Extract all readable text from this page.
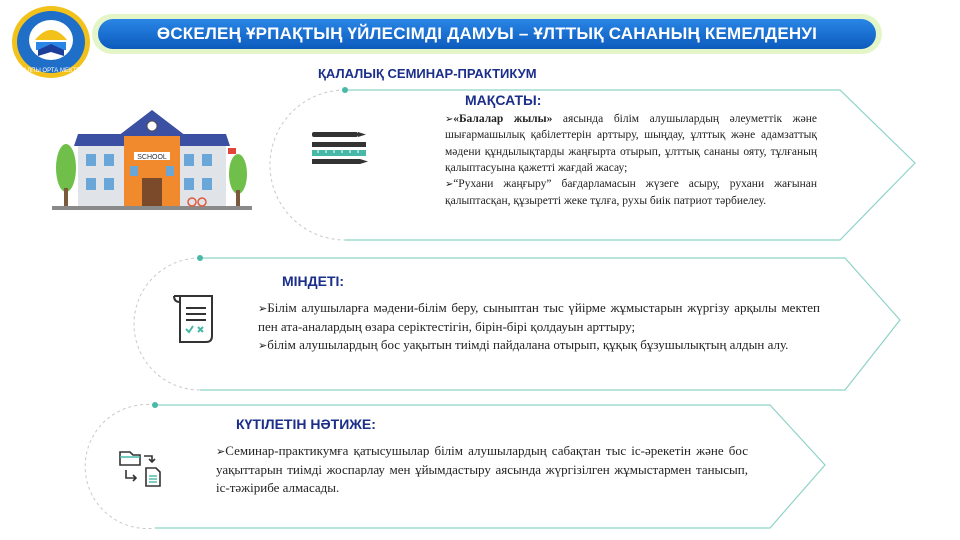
ЖАЛПЫ ОРТА МЕКТЕП
ӨСКЕЛЕҢ ҰРПАҚТЫҢ ҮЙЛЕСІМДІ ДАМУЫ – ҰЛТТЫҚ САНАНЫҢ КЕМЕЛДЕНУІ
ҚАЛАЛЫҚ СЕМИНАР-ПРАКТИКУМ
SCHOOL
МАҚСАТЫ:

➢«Балалар жылы» аясында білім алушылардың әлеуметтік және шығармашылық қабілеттерін арттыру, шыңдау, ұлттық және адамзаттық мәдени құндылықтарды жаңғырта отырып, ұлттық сананы ояту, тұлғаның қалыптасуына қажетті жағдай жасау;

➢“Рухани жаңғыру” бағдарламасын жүзеге асыру, рухани жағынан қалыптасқан, құзыретті жеке тұлға, рухы биік патриот тәрбиелеу.

МІНДЕТІ:

➢Білім алушыларға мәдени-білім беру, сыныптан тыс үйірме жұмыстарын жүргізу арқылы мектеп пен ата-аналардың өзара серіктестігін, бірін-бірі қолдауын арттыру;

➢білім алушылардың бос уақытын тиімді пайдалана отырып, құқық бұзушылықтың алдын алу.

КҮТІЛЕТІН НӘТИЖЕ:

➢Семинар-практикумға қатысушылар білім алушылардың сабақтан тыс іс-әрекетін және бос уақыттарын тиімді жоспарлау мен ұйымдастыру аясында жүргізілген жұмыстармен танысып, іс-тәжірибе алмасады.
